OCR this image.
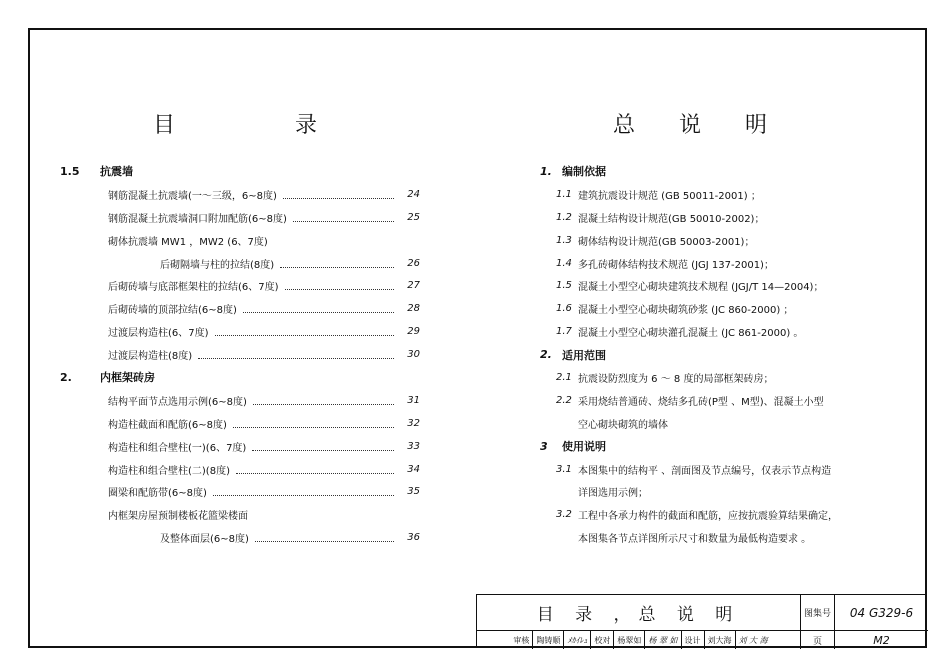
目	录	总 说 明
1.5	抗震墙
钢筋混凝土抗震墙(一～三级，6~8度)	24
钢筋混凝土抗震墙洞口附加配筋(6~8度)	25
砌体抗震墙 MW1 ，MW2 (6、7度)
后砌隔墙与柱的拉结(8度)	26
后砌砖墙与底部框架柱的拉结(6、7度)	27
后砌砖墙的顶部拉结(6~8度)	28
过渡层构造柱(6、7度)	29
过渡层构造柱(8度)	30
2.	内框架砖房
结构平面节点选用示例(6~8度)	31
构造柱截面和配筋(6~8度)	32
构造柱和组合壁柱(一)(6、7度)	33
构造柱和组合壁柱(二)(8度)	34
圈梁和配筋带(6~8度)	35
内框架房屋预制楼板花篮梁楼面
及整体面层(6~8度)	36
1. 编制依据
1.1 建筑抗震设计规范 (GB 50011-2001) ；
1.2 混凝土结构设计规范(GB 50010-2002)；
1.3 砌体结构设计规范(GB 50003-2001)；
1.4 多孔砖砌体结构技术规范 (JGJ 137-2001)；
1.5 混凝土小型空心砌块建筑技术规程 (JGJ/T 14—2004)；
1.6 混凝土小型空心砌块砌筑砂浆 (JC 860-2000) ；
1.7 混凝土小型空心砌块灌孔混凝土 (JC 861-2000) 。
2. 适用范围
2.1 抗震设防烈度为 6 ～ 8 度的局部框架砖房；
2.2 采用烧结普通砖、烧结多孔砖(P型 、M型)、混凝土小型
空心砌块砌筑的墙体
3	使用说明
3.1 本图集中的结构平 、剖面图及节点编号，仅表示节点构造
详图选用示例；
3.2 工程中各承力构件的截面和配筋，应按抗震验算结果确定，
本图集各节点详图所示尺寸和数量为最低构造要求 。
目 录 ，总 说 明	图集号	04 G329-6
审核 陶铸顺 ﾒｶｲﾚｭ 校对 杨翠如 杨 翠 如 设计 刘大海 刘 大 海	页	M2
